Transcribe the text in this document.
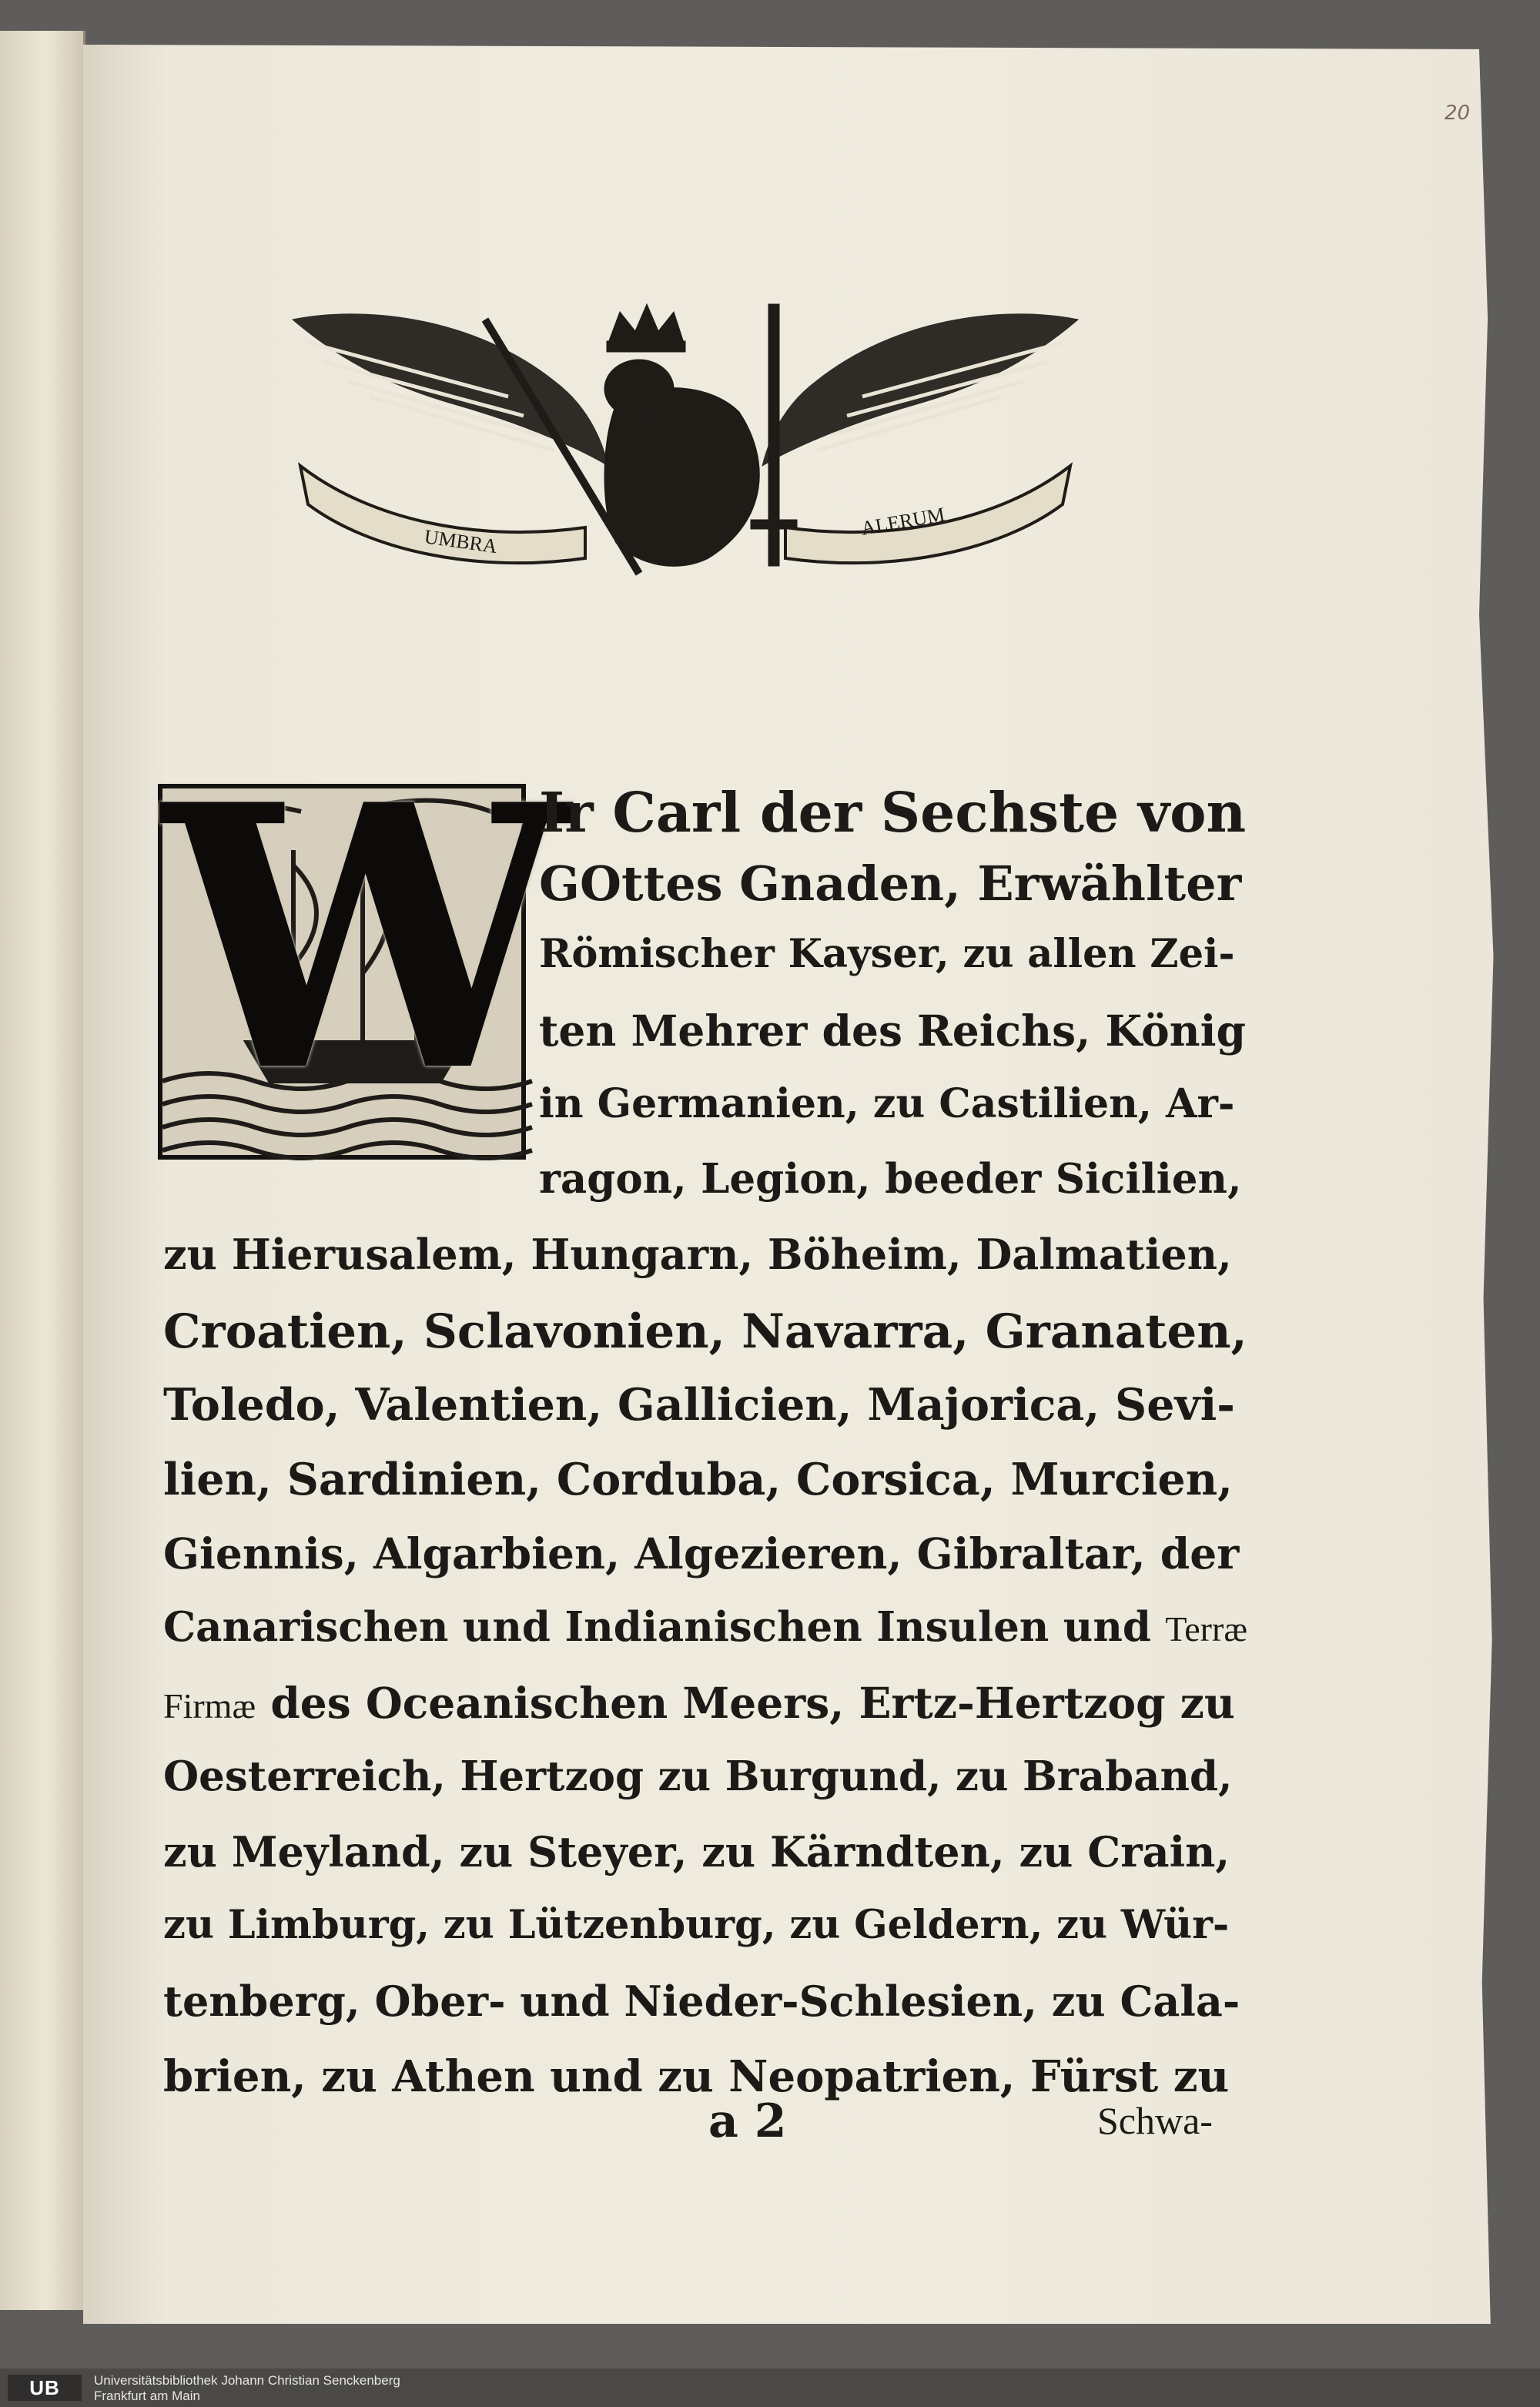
20
UMBRA
ALERUM
W
Ir Carl der Sechste von
GOttes Gnaden, Erwählter
Römischer Kayser, zu allen Zei-
ten Mehrer des Reichs, König
in Germanien, zu Castilien, Ar-
ragon, Legion, beeder Sicilien,
zu Hierusalem, Hungarn, Böheim, Dalmatien,
Croatien, Sclavonien, Navarra, Granaten,
Toledo, Valentien, Gallicien, Majorica, Sevi-
lien, Sardinien, Corduba, Corsica, Murcien,
Giennis, Algarbien, Algezieren, Gibraltar, der
Canarischen und Indianischen Insulen und Terræ
Firmæ des Oceanischen Meers, Ertz-Hertzog zu
Oesterreich, Hertzog zu Burgund, zu Braband,
zu Meyland, zu Steyer, zu Kärndten, zu Crain,
zu Limburg, zu Lützenburg, zu Geldern, zu Wür-
tenberg, Ober- und Nieder-Schlesien, zu Cala-
brien, zu Athen und zu Neopatrien, Fürst zu
a 2	Schwa-
UB	Universitätsbibliothek Johann Christian Senckenberg
Frankfurt am Main
